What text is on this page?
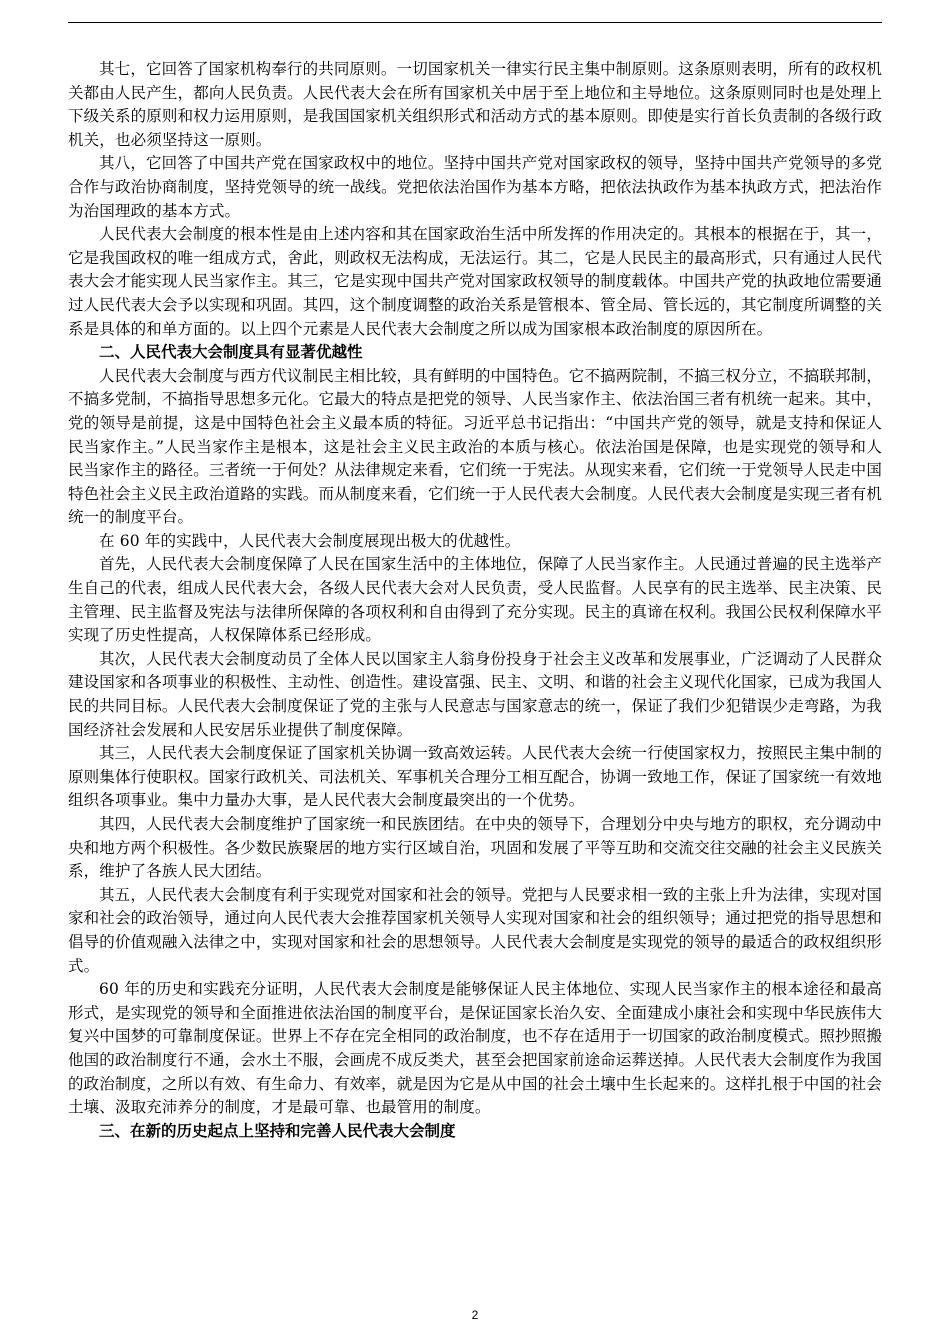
其七，它回答了国家机构奉行的共同原则。一切国家机关一律实行民主集中制原则。这条原则表明，所有的政权机关都由人民产生，都向人民负责。人民代表大会在所有国家机关中居于至上地位和主导地位。这条原则同时也是处理上下级关系的原则和权力运用原则，是我国国家机关组织形式和活动方式的基本原则。即使是实行首长负责制的各级行政机关，也必须坚持这一原则。

其八，它回答了中国共产党在国家政权中的地位。坚持中国共产党对国家政权的领导，坚持中国共产党领导的多党合作与政治协商制度，坚持党领导的统一战线。党把依法治国作为基本方略，把依法执政作为基本执政方式，把法治作为治国理政的基本方式。

人民代表大会制度的根本性是由上述内容和其在国家政治生活中所发挥的作用决定的。其根本的根据在于，其一，它是我国政权的唯一组成方式，舍此，则政权无法构成，无法运行。其二，它是人民民主的最高形式，只有通过人民代表大会才能实现人民当家作主。其三，它是实现中国共产党对国家政权领导的制度载体。中国共产党的执政地位需要通过人民代表大会予以实现和巩固。其四，这个制度调整的政治关系是管根本、管全局、管长远的，其它制度所调整的关系是具体的和单方面的。以上四个元素是人民代表大会制度之所以成为国家根本政治制度的原因所在。

二、人民代表大会制度具有显著优越性

人民代表大会制度与西方代议制民主相比较，具有鲜明的中国特色。它不搞两院制，不搞三权分立，不搞联邦制，不搞多党制，不搞指导思想多元化。它最大的特点是把党的领导、人民当家作主、依法治国三者有机统一起来。其中，党的领导是前提，这是中国特色社会主义最本质的特征。习近平总书记指出：“中国共产党的领导，就是支持和保证人民当家作主。”人民当家作主是根本，这是社会主义民主政治的本质与核心。依法治国是保障，也是实现党的领导和人民当家作主的路径。三者统一于何处？从法律规定来看，它们统一于宪法。从现实来看，它们统一于党领导人民走中国特色社会主义民主政治道路的实践。而从制度来看，它们统一于人民代表大会制度。人民代表大会制度是实现三者有机统一的制度平台。

在 60 年的实践中，人民代表大会制度展现出极大的优越性。

首先，人民代表大会制度保障了人民在国家生活中的主体地位，保障了人民当家作主。人民通过普遍的民主选举产生自己的代表，组成人民代表大会，各级人民代表大会对人民负责，受人民监督。人民享有的民主选举、民主决策、民主管理、民主监督及宪法与法律所保障的各项权利和自由得到了充分实现。民主的真谛在权利。我国公民权利保障水平实现了历史性提高，人权保障体系已经形成。

其次，人民代表大会制度动员了全体人民以国家主人翁身份投身于社会主义改革和发展事业，广泛调动了人民群众建设国家和各项事业的积极性、主动性、创造性。建设富强、民主、文明、和谐的社会主义现代化国家，已成为我国人民的共同目标。人民代表大会制度保证了党的主张与人民意志与国家意志的统一，保证了我们少犯错误少走弯路，为我国经济社会发展和人民安居乐业提供了制度保障。

其三，人民代表大会制度保证了国家机关协调一致高效运转。人民代表大会统一行使国家权力，按照民主集中制的原则集体行使职权。国家行政机关、司法机关、军事机关合理分工相互配合，协调一致地工作，保证了国家统一有效地组织各项事业。集中力量办大事，是人民代表大会制度最突出的一个优势。

其四，人民代表大会制度维护了国家统一和民族团结。在中央的领导下，合理划分中央与地方的职权，充分调动中央和地方两个积极性。各少数民族聚居的地方实行区域自治，巩固和发展了平等互助和交流交往交融的社会主义民族关系，维护了各族人民大团结。

其五，人民代表大会制度有利于实现党对国家和社会的领导。党把与人民要求相一致的主张上升为法律，实现对国家和社会的政治领导，通过向人民代表大会推荐国家机关领导人实现对国家和社会的组织领导；通过把党的指导思想和倡导的价值观融入法律之中，实现对国家和社会的思想领导。人民代表大会制度是实现党的领导的最适合的政权组织形式。

60 年的历史和实践充分证明，人民代表大会制度是能够保证人民主体地位、实现人民当家作主的根本途径和最高形式，是实现党的领导和全面推进依法治国的制度平台，是保证国家长治久安、全面建成小康社会和实现中华民族伟大复兴中国梦的可靠制度保证。世界上不存在完全相同的政治制度，也不存在适用于一切国家的政治制度模式。照抄照搬他国的政治制度行不通，会水土不服，会画虎不成反类犬，甚至会把国家前途命运葬送掉。人民代表大会制度作为我国的政治制度，之所以有效、有生命力、有效率，就是因为它是从中国的社会土壤中生长起来的。这样扎根于中国的社会土壤、汲取充沛养分的制度，才是最可靠、也最管用的制度。

三、在新的历史起点上坚持和完善人民代表大会制度

2
